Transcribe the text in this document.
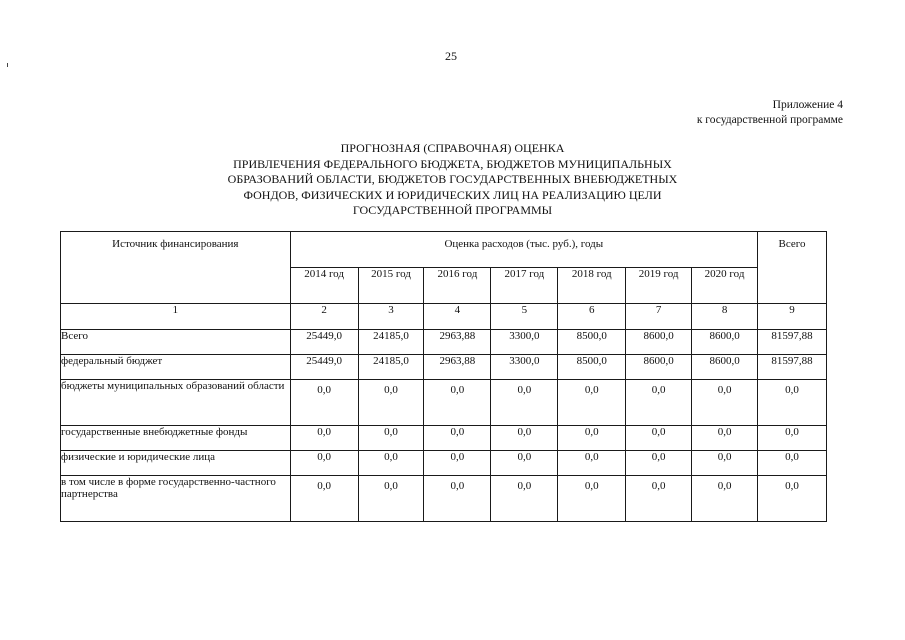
25
Приложение 4
к государственной программе
ПРОГНОЗНАЯ (СПРАВОЧНАЯ) ОЦЕНКА
ПРИВЛЕЧЕНИЯ ФЕДЕРАЛЬНОГО БЮДЖЕТА, БЮДЖЕТОВ МУНИЦИПАЛЬНЫХ
ОБРАЗОВАНИЙ ОБЛАСТИ, БЮДЖЕТОВ ГОСУДАРСТВЕННЫХ ВНЕБЮДЖЕТНЫХ
ФОНДОВ, ФИЗИЧЕСКИХ И ЮРИДИЧЕСКИХ ЛИЦ НА РЕАЛИЗАЦИЮ ЦЕЛИ
ГОСУДАРСТВЕННОЙ ПРОГРАММЫ
Источник финансирования	Оценка расходов (тыс. руб.), годы							Всего
	2014 год	2015 год	2016 год	2017 год	2018 год	2019 год	2020 год	
1	2	3	4	5	6	7	8	9
Всего	25449,0	24185,0	2963,88	3300,0	8500,0	8600,0	8600,0	81597,88
федеральный бюджет	25449,0	24185,0	2963,88	3300,0	8500,0	8600,0	8600,0	81597,88
бюджеты муниципальных образований области	0,0	0,0	0,0	0,0	0,0	0,0	0,0	0,0
государственные внебюджетные фонды	0,0	0,0	0,0	0,0	0,0	0,0	0,0	0,0
физические и юридические лица	0,0	0,0	0,0	0,0	0,0	0,0	0,0	0,0
в том числе в форме государственно-частного партнерства	0,0	0,0	0,0	0,0	0,0	0,0	0,0	0,0
